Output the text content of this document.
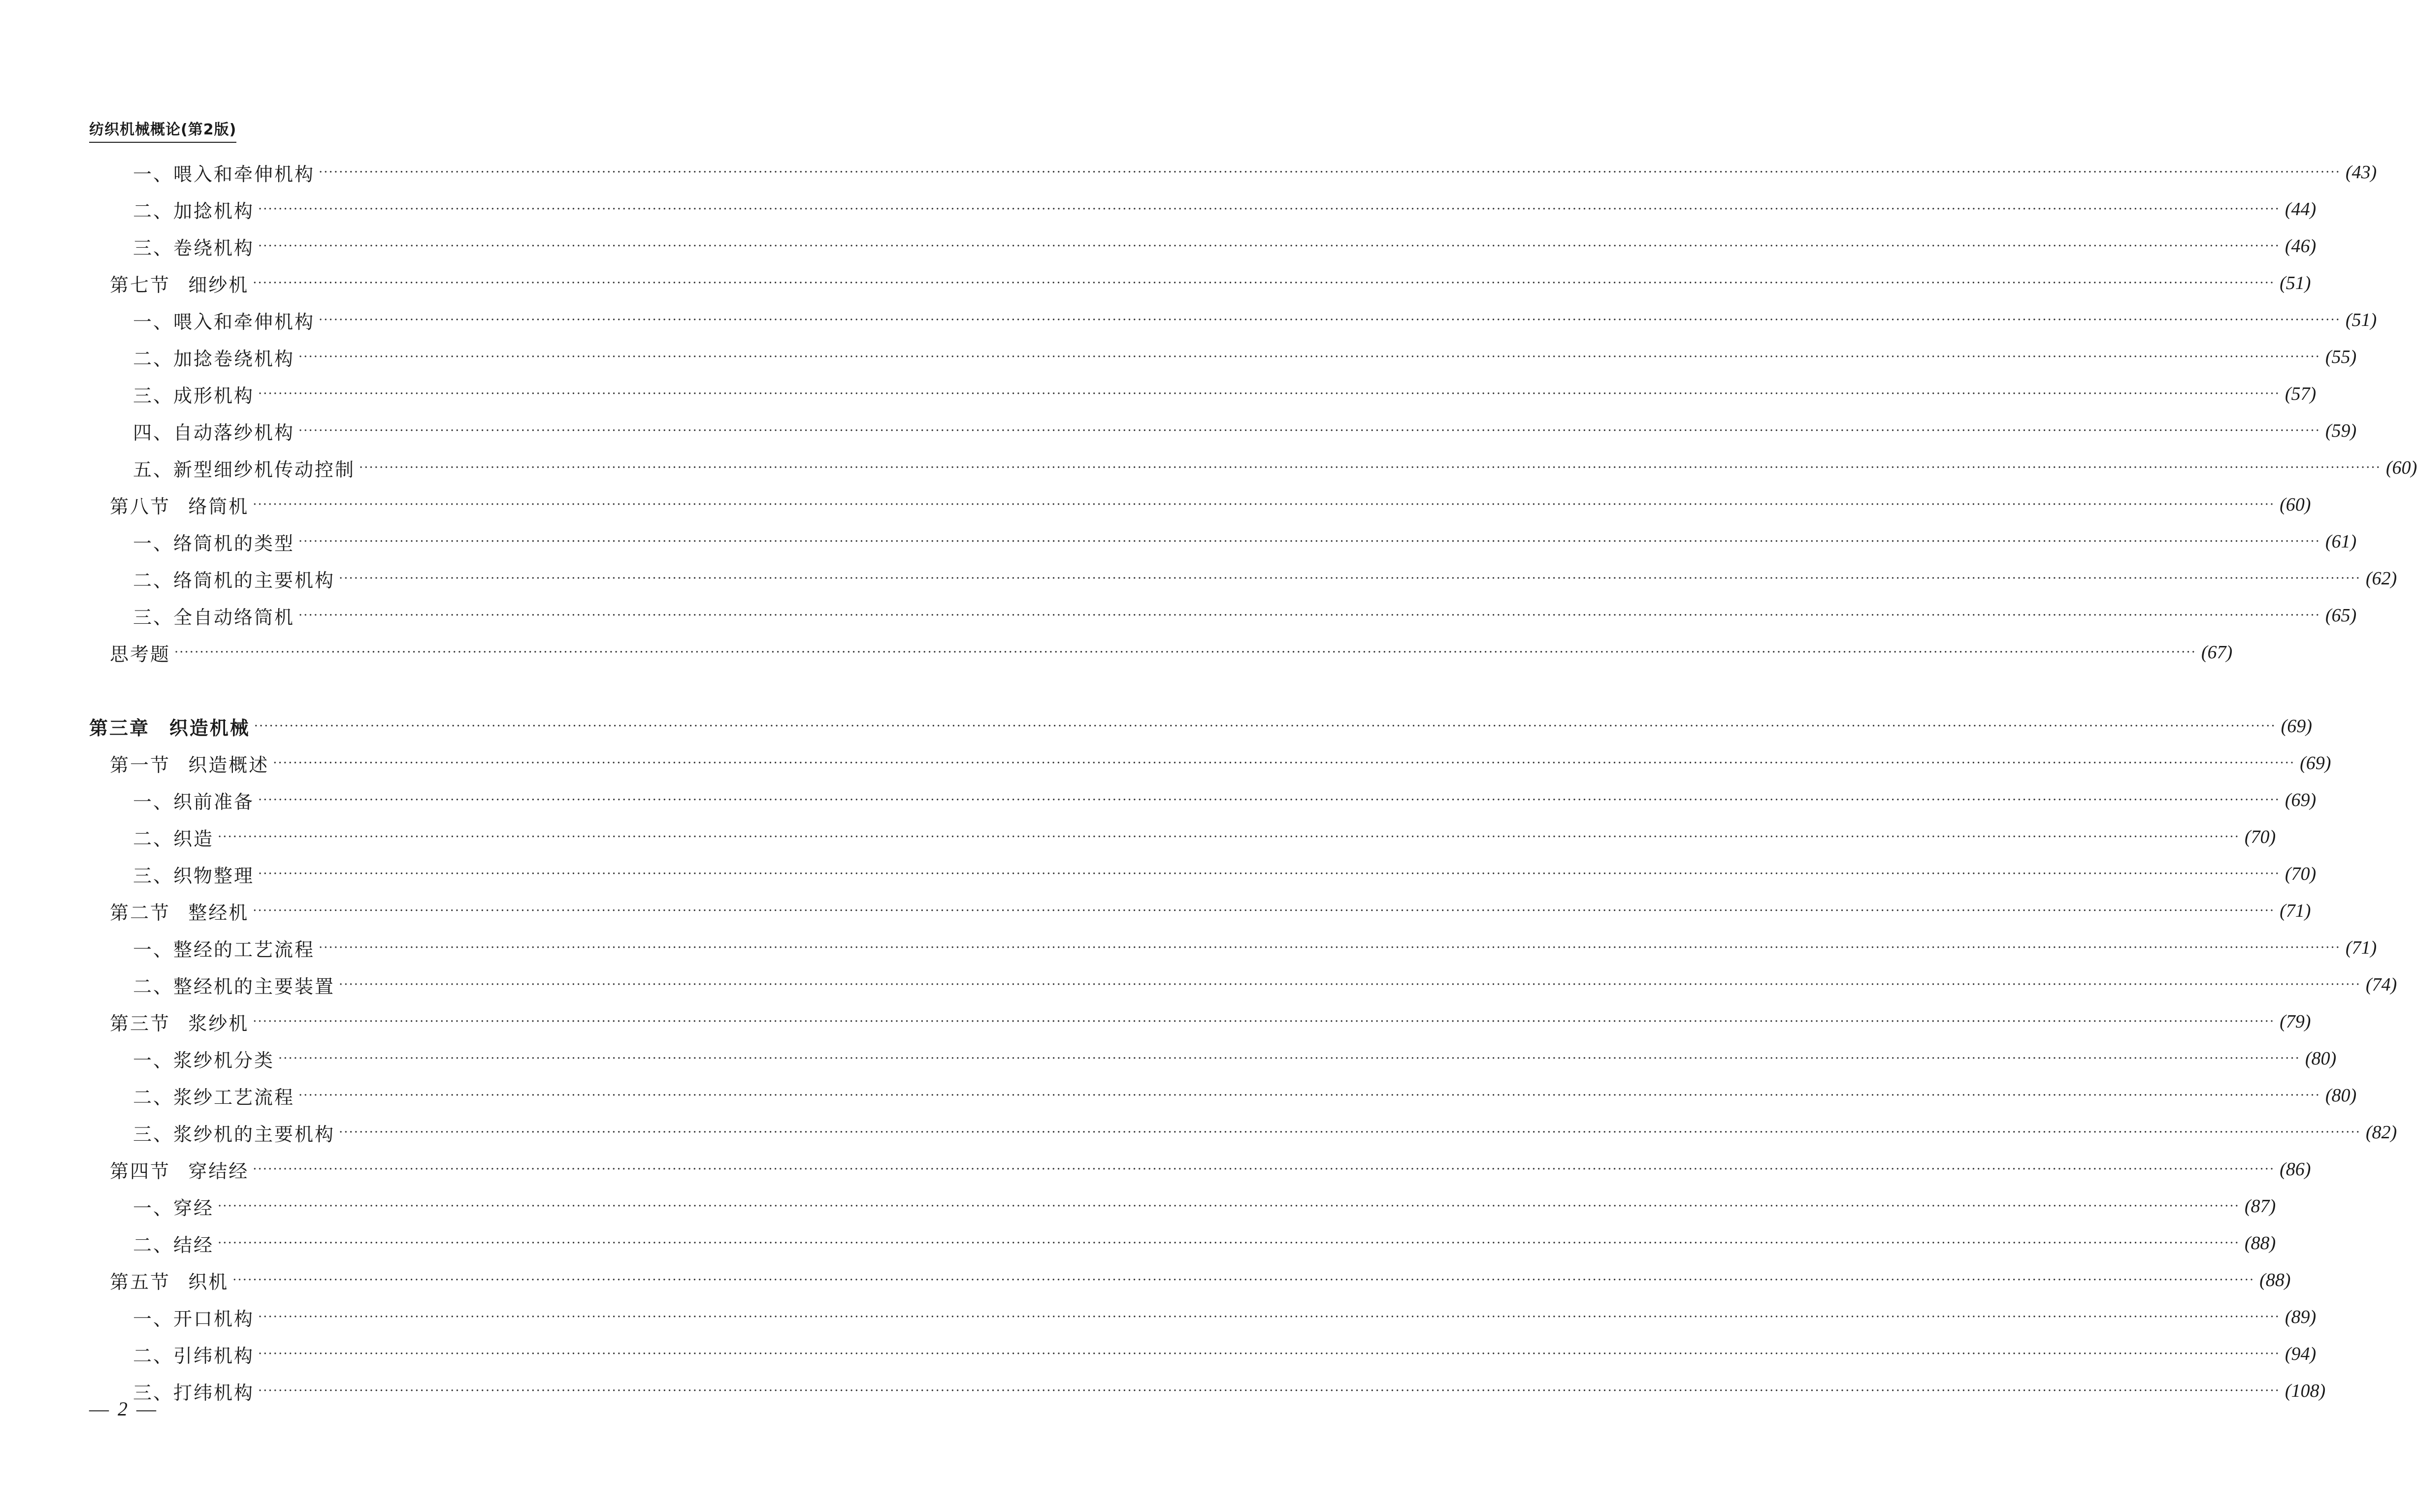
纺织机械概论(第2版)
一、喂入和牵伸机构 ················································································································································································································································································································································································································ (43)
二、加捻机构 ················································································································································································································································································································································································································ (44)
三、卷绕机构 ················································································································································································································································································································································································································ (46)
第七节
细纱机 ················································································································································································································································································································································································································ (51)
一、喂入和牵伸机构 ················································································································································································································································································································································································································ (51)
二、加捻卷绕机构 ················································································································································································································································································································································································································ (55)
三、成形机构 ················································································································································································································································································································································································································ (57)
四、自动落纱机构 ················································································································································································································································································································································································································ (59)
五、新型细纱机传动控制 ················································································································································································································································································································································································································ (60)
第八节
络筒机 ················································································································································································································································································································································································································ (60)
一、络筒机的类型 ················································································································································································································································································································································································································ (61)
二、络筒机的主要机构 ················································································································································································································································································································································································································ (62)
三、全自动络筒机 ················································································································································································································································································································································································································ (65)
思考题 ················································································································································································································································································································································································································ (67)
第三章
织造机械 ················································································································································································································································································································································································································ (69)
第一节
织造概述 ················································································································································································································································································································································································································ (69)
一、织前准备 ················································································································································································································································································································································································································ (69)
二、织造 ················································································································································································································································································································································································································ (70)
三、织物整理 ················································································································································································································································································································································································································ (70)
第二节
整经机 ················································································································································································································································································································································································································ (71)
一、整经的工艺流程 ················································································································································································································································································································································································································ (71)
二、整经机的主要装置 ················································································································································································································································································································································································································ (74)
第三节
浆纱机 ················································································································································································································································································································································································································ (79)
一、浆纱机分类 ················································································································································································································································································································································································································ (80)
二、浆纱工艺流程 ················································································································································································································································································································································································································ (80)
三、浆纱机的主要机构 ················································································································································································································································································································································································································ (82)
第四节
穿结经 ················································································································································································································································································································································································································ (86)
一、穿经 ················································································································································································································································································································································································································ (87)
二、结经 ················································································································································································································································································································································································································ (88)
第五节
织机 ················································································································································································································································································································································································································ (88)
一、开口机构 ················································································································································································································································································································································································································ (89)
二、引纬机构 ················································································································································································································································································································································································································ (94)
三、打纬机构 ················································································································································································································································································································································································································ (108)
— 2 —
